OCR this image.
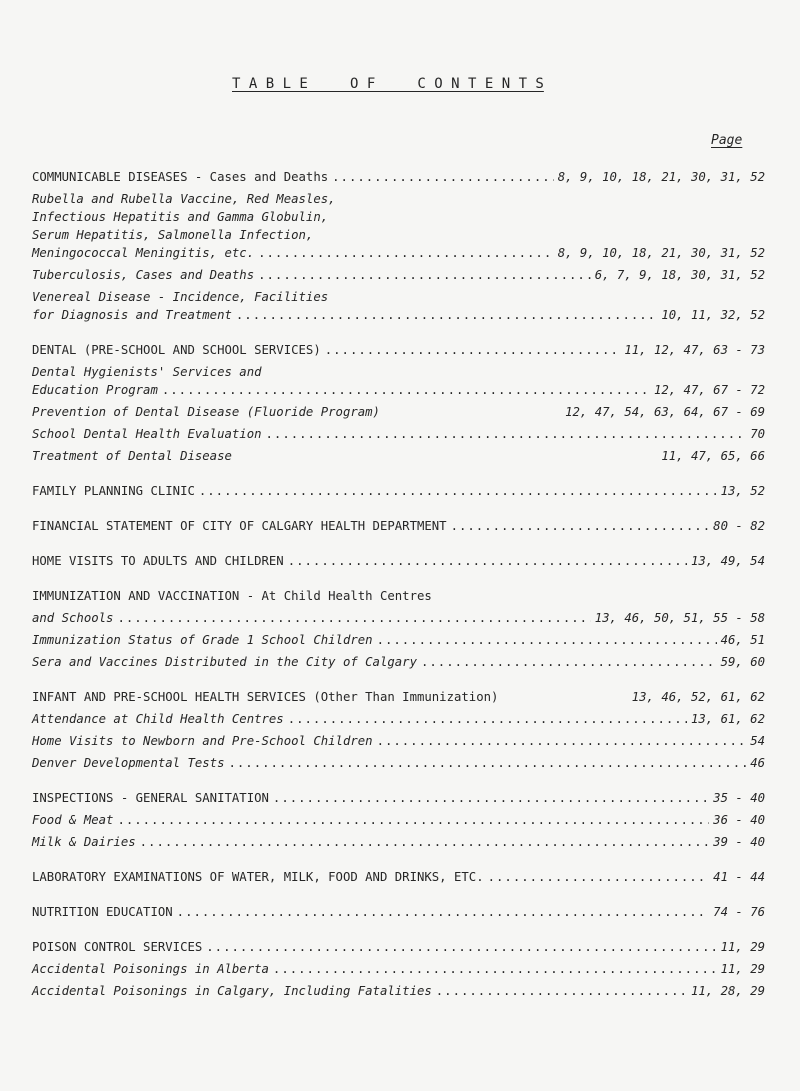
T A B L E     O F     C O N T E N T S
Page
COMMUNICABLE DISEASES - Cases and Deaths .....	8, 9, 10, 18, 21, 30, 31, 52
Rubella and Rubella Vaccine, Red Measles,
Infectious Hepatitis and Gamma Globulin,
Serum Hepatitis, Salmonella Infection,
Meningococcal Meningitis, etc. .....	8, 9, 10, 18, 21, 30, 31, 52
Tuberculosis, Cases and Deaths .....	6, 7, 9, 18, 30, 31, 52
Venereal Disease - Incidence, Facilities
for Diagnosis and Treatment .....	10, 11, 32, 52
DENTAL (PRE-SCHOOL AND SCHOOL SERVICES) .....	11, 12, 47, 63 - 73
Dental Hygienists' Services and
Education Program .....	12, 47, 67 - 72
Prevention of Dental Disease (Fluoride Program)	12, 47, 54, 63, 64, 67 - 69
School Dental Health Evaluation .....	70
Treatment of Dental Disease	11, 47, 65, 66
FAMILY PLANNING CLINIC .....	13, 52
FINANCIAL STATEMENT OF CITY OF CALGARY HEALTH DEPARTMENT .....	80 - 82
HOME VISITS TO ADULTS AND CHILDREN .....	13, 49, 54
IMMUNIZATION AND VACCINATION - At Child Health Centres
and Schools .....	13, 46, 50, 51, 55 - 58
Immunization Status of Grade 1 School Children .....	46, 51
Sera and Vaccines Distributed in the City of Calgary .....	59, 60
INFANT AND PRE-SCHOOL HEALTH SERVICES (Other Than Immunization)	13, 46, 52, 61, 62
Attendance at Child Health Centres .....	13, 61, 62
Home Visits to Newborn and Pre-School Children .....	54
Denver Developmental Tests .....	46
INSPECTIONS - GENERAL SANITATION .....	35 - 40
Food & Meat .....	36 - 40
Milk & Dairies .....	39 - 40
LABORATORY EXAMINATIONS OF WATER, MILK, FOOD AND DRINKS, ETC. .....	41 - 44
NUTRITION EDUCATION .....	74 - 76
POISON CONTROL SERVICES .....	11, 29
Accidental Poisonings in Alberta .....	11, 29
Accidental Poisonings in Calgary, Including Fatalities .....	11, 28, 29
